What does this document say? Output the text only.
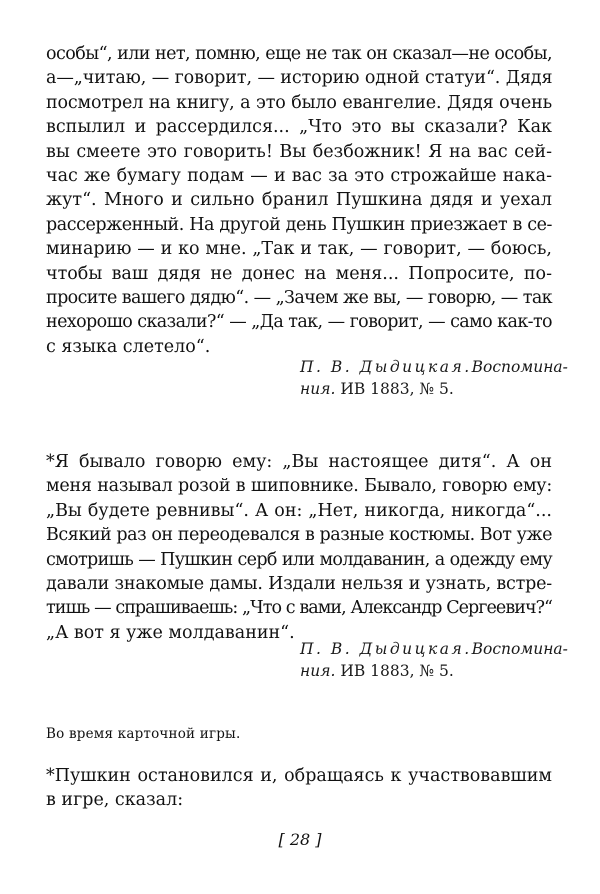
особы“, или нет, помню, еще не так он сказал—не особы,
а—„читаю, — говорит, — историю одной статуи“. Дядя
посмотрел на книгу, а это было евангелие. Дядя очень
вспылил и рассердился... „Что это вы сказали? Как
вы смеете это говорить! Вы безбожник! Я на вас сей-
час же бумагу подам — и вас за это строжайше нака-
жут“. Много и сильно бранил Пушкина дядя и уехал
рассерженный. На другой день Пушкин приезжает в се-
минарию — и ко мне. „Так и так, — говорит, — боюсь,
чтобы ваш дядя не донес на меня... Попросите, по-
просите вашего дядю“. — „Зачем же вы, — говорю, — так
нехорошо сказали?“ — „Да так, — говорит, — само как-то
с языка слетело“.
П. В. Дыдицкая. Воспомина-
ния. ИВ 1883, № 5.
*Я бывало говорю ему: „Вы настоящее дитя“. А он
меня называл розой в шиповнике. Бывало, говорю ему:
„Вы будете ревнивы“. А он: „Нет, никогда, никогда“...
Всякий раз он переодевался в разные костюмы. Вот уже
смотришь — Пушкин серб или молдаванин, а одежду ему
давали знакомые дамы. Издали нельзя и узнать, встре-
тишь — спрашиваешь: „Что с вами, Александр Сергеевич?“
„А вот я уже молдаванин“.
П. В. Дыдицкая. Воспомина-
ния. ИВ 1883, № 5.

Во время карточной игры.

*Пушкин остановился и, обращаясь к участвовавшим
в игре, сказал:

[ 28 ]
